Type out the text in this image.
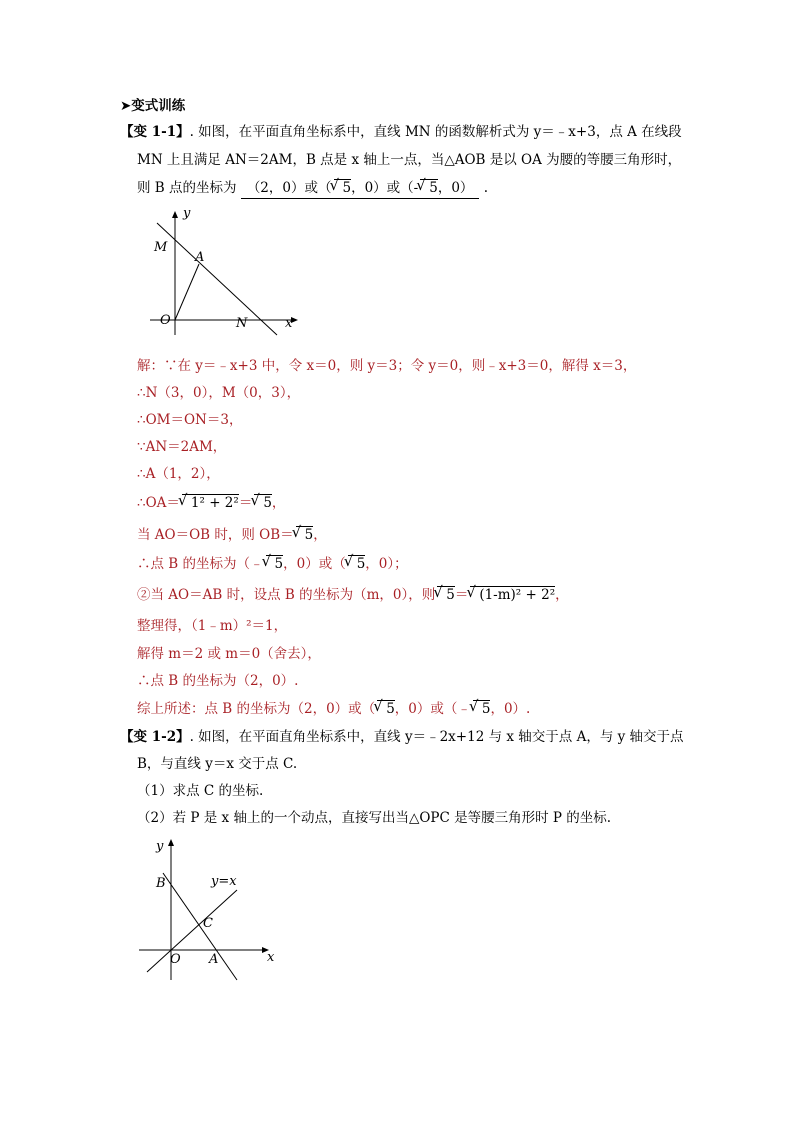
➤变式训练
【变 1-1】. 如图，在平面直角坐标系中，直线 MN 的函数解析式为 y＝﹣x+3，点 A 在线段
MN 上且满足 AN＝2AM，B 点是 x 轴上一点，当△AOB 是以 OA 为腰的等腰三角形时，
则 B 点的坐标为 （2，0）或（ √ 5，0）或（- √ 5，0） .
y
M
A
O	N	x
解：∵在 y＝﹣x+3 中，令 x＝0，则 y＝3；令 y＝0，则﹣x+3＝0，解得 x＝3，
∴N（3，0），M（0，3），
∴OM＝ON＝3，
∵AN＝2AM，
∴A（1，2），
∴OA＝ √ 1² + 2²＝ √ 5，
当 AO＝OB 时，则 OB＝ √ 5，
∴点 B 的坐标为（﹣ √ 5，0）或（ √ 5，0）；
②当 AO＝AB 时，设点 B 的坐标为（m，0），则 √ 5＝ √ (1-m)² + 2²，
整理得，（1﹣m）²＝1，
解得 m＝2 或 m＝0（舍去），
∴点 B 的坐标为（2，0）.
综上所述：点 B 的坐标为（2，0）或（ √ 5，0）或（﹣ √ 5，0）.
【变 1-2】. 如图，在平面直角坐标系中，直线 y＝﹣2x+12 与 x 轴交于点 A，与 y 轴交于点
B，与直线 y＝x 交于点 C.
（1）求点 C 的坐标.
（2）若 P 是 x 轴上的一个动点，直接写出当△OPC 是等腰三角形时 P 的坐标.
y
B	y=x
C
O A	x
